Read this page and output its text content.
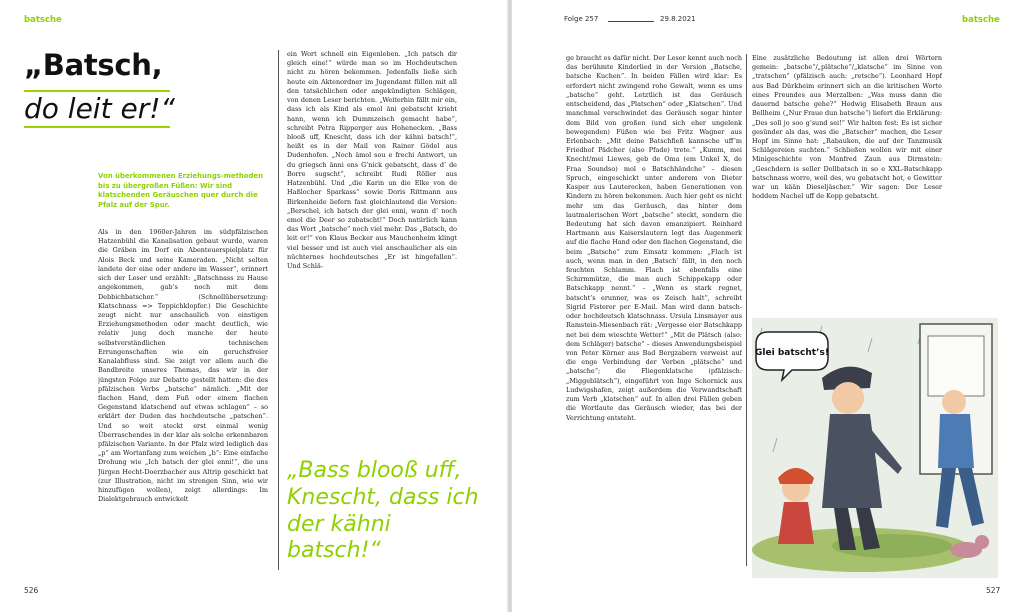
batsche
„Batsch,
do leit er!“
Von überkommenen Erziehungs-methoden bis zu übergroßen Füßen: Wir sind klatschenden Geräuschen quer durch die Pfalz auf der Spur.

Als in den 1960er-Jahren im südpfälzischen Hatzenbühl die Kanalisation gebaut wurde, waren die Gräben im Dorf ein Abenteuerspielplatz für Alois Beck und seine Kameraden. „Nicht selten landete der eine oder andere im Wasser“, erinnert sich der Leser und erzählt: „Batschnass zu Hause angekommen, gab’s noch mit dem Debbichbatscher.“ (Schnellübersetzung: Klatschnass => Teppichklopfer.) Die Geschichte zeugt nicht nur anschaulich von einstigen Erziehungsmethoden oder macht deutlich, wie relativ jung doch manche der heute selbstverständlichen technischen Errungenschaften wie ein geruchsfreier Kanalabfluss sind. Sie zeigt vor allem auch die Bandbreite unseres Themas, das wir in der jüngsten Folge zur Debatte gestellt hatten: die des pfälzischen Verbs „batsche“ nämlich. „Mit der flachen Hand, dem Fuß oder einem flachen Gegenstand klatschend auf etwas schlagen“ – so erklärt der Duden das hochdeutsche „patschen“. Und so weit steckt erst einmal wenig Überraschendes in der klar als solche erkennbaren pfälzischen Variante. In der Pfalz wird lediglich das „p“ am Wortanfang zum weichen „b“: Eine einfache Drohung wie „Ich batsch der glei enni!“, die uns Jürgen Hecht-Doerzbacher aus Altrip geschickt hat (zur Illustration, nicht im strengen Sinn, wie wir hinzufügen wollen), zeigt allerdings: Im Dialektgebrauch entwickelt

ein Wort schnell ein Eigenleben. „Ich patsch dir gleich eine!“ würde man so im Hochdeutschen nicht zu hören bekommen. Jedenfalls ließe sich heute ein Aktenordner im Jugendamt füllen mit all den tatsächlichen oder angekündigten Schlägen, von denen Leser berichten. „Weiterhin fällt mir ein, dass ich als Kind als emol äni gebatscht krieht hann, wenn ich Dummzeisch gemacht habe“, schreibt Petra Ripperger aus Hohenecken. „Bass blooß uff, Knescht, dass ich der kähni batsch!“, heißt es in der Mail von Rainer Gödel aus Dudenhofen. „Noch ämol sou e frechi Antwort, un du griegsch änni ens G’nick gebatscht, dass d’ de Borre sugscht“, schreibt Rudi Röller aus Hatzenbühl. Und „die Karin un die Elke von de Haßlocher Sparkass“ sowie Doris Rittmann aus Birkenheide liefern fast gleichlautend die Version: „Berschel, ich batsch der glei enni, wann d’ noch emol die Deer so zubatscht!“ Doch natürlich kann das Wort „batsche“ noch viel mehr. Das „Batsch, do leit er!“ von Klaus Becker aus Mauchenheim klingt viel besser und ist auch viel anschaulicher als ein nüchternes hochdeutsches „Er ist hingefallen“. Und Schlä-

„Bass blooß uff, Knescht, dass ich der kähni batsch!“
526
Folge 257	29.8.2021	batsche

ge braucht es dafür nicht. Der Leser kennt auch noch das berühmte Kinderlied in der Version „Batsche, batsche Kuchen“. In beiden Fällen wird klar: Es erfordert nicht zwingend rohe Gewalt, wenn es ums „batsche“ geht. Letztlich ist das Geräusch entscheidend, das „Platschen“ oder „Klatschen“. Und manchmal verschwindet das Geräusch sogar hinter dem Bild von großen (und sich eher ungelenk bewegenden) Füßen wie bei Fritz Wagner aus Erlenbach: „Mit deine Batschfieß kannsche uff’m Friedhof Pädcher (also Pfade) trete.“ „Kumm, mei Knecht/mei Liewes, geb de Oma (em Unkel X, de Fraa Soundso) mol e Batschhändche“ – diesen Spruch, eingeschickt unter anderem von Dieter Kasper aus Lauterecken, haben Generationen von Kindern zu hören bekommen. Auch hier geht es nicht mehr um das Geräusch, das hinter dem lautmalerischen Wort „batsche“ steckt, sondern die Bedeutung hat sich davon emanzipiert. Reinhard Hartmann aus Kaiserslautern legt das Augenmerk auf die flache Hand oder den flachen Gegenstand, die beim „Batsche“ zum Einsatz kommen: „Flach ist auch, wenn man in den ‚Batsch‘ fällt, in den noch feuchten Schlamm. Flach ist ebenfalls eine Schirmmütze, die man auch Schippekapp oder Batschkapp nennt.“ – „Wenn es stark regnet, batscht’s erunner, was es Zeisch halt“, schreibt Sigrid Fisterer per E-Mail. Man wird dann batsch- oder hochdeutsch klatschnass. Ursula Linsmayer aus Ramstein-Miesenbach rät: „Vergesse eier Batschkapp net bei dem wieschte Wetter!“ „Mit de Plätsch (also: dem Schläger) batsche“ – dieses Anwendungsbeispiel von Peter Körner aus Bad Bergzabern verweist auf die enge Verbindung der Verben „plätsche“ und „batsche“; die Fliegenklatsche (pfälzisch: „Miggeblätsch“), eingeführt von Inge Schornick aus Ludwigshafen, zeigt außerdem die Verwandtschaft zum Verb „klatschen“ auf. In allen drei Fällen geben die Wortlaute das Geräusch wieder, das bei der Verrichtung entsteht.

Eine zusätzliche Bedeutung ist allen drei Wörtern gemein: „batsche“/„plätsche“/„klatsche“ im Sinne von „tratschen“ (pfälzisch auch: „retsche“). Leonhard Hopf aus Bad Dürkheim erinnert sich an die kritischen Worte eines Freundes aus Merzalben: „Was muss dann die dauernd batsche gehe?“ Hedwig Elisabeth Braun aus Bellheim („Nur Fraue dun batsche“) liefert die Erklärung: „Des soll jo soo g’sund sei!“ Wir halten fest: Es ist sicher gesünder als das, was die „Batscher“ machen, die Leser Hopf im Sinne hat: „Rabauken, die auf der Tanzmusik Schlägereien suchten.“ Schließen wollen wir mit einer Minigeschichte von Manfred Zaun aus Dirmstein: „Geschdern is seller Dollbatsch in so e XXL-Batschkapp batschnass worre, weil des, wu gebatscht hot, e Gewitter war un kään Dieseljäscher.“ Wir sagen: Der Leser hoddem Nachel uff de Kopp gebatscht.

527
Glei batscht’s!
